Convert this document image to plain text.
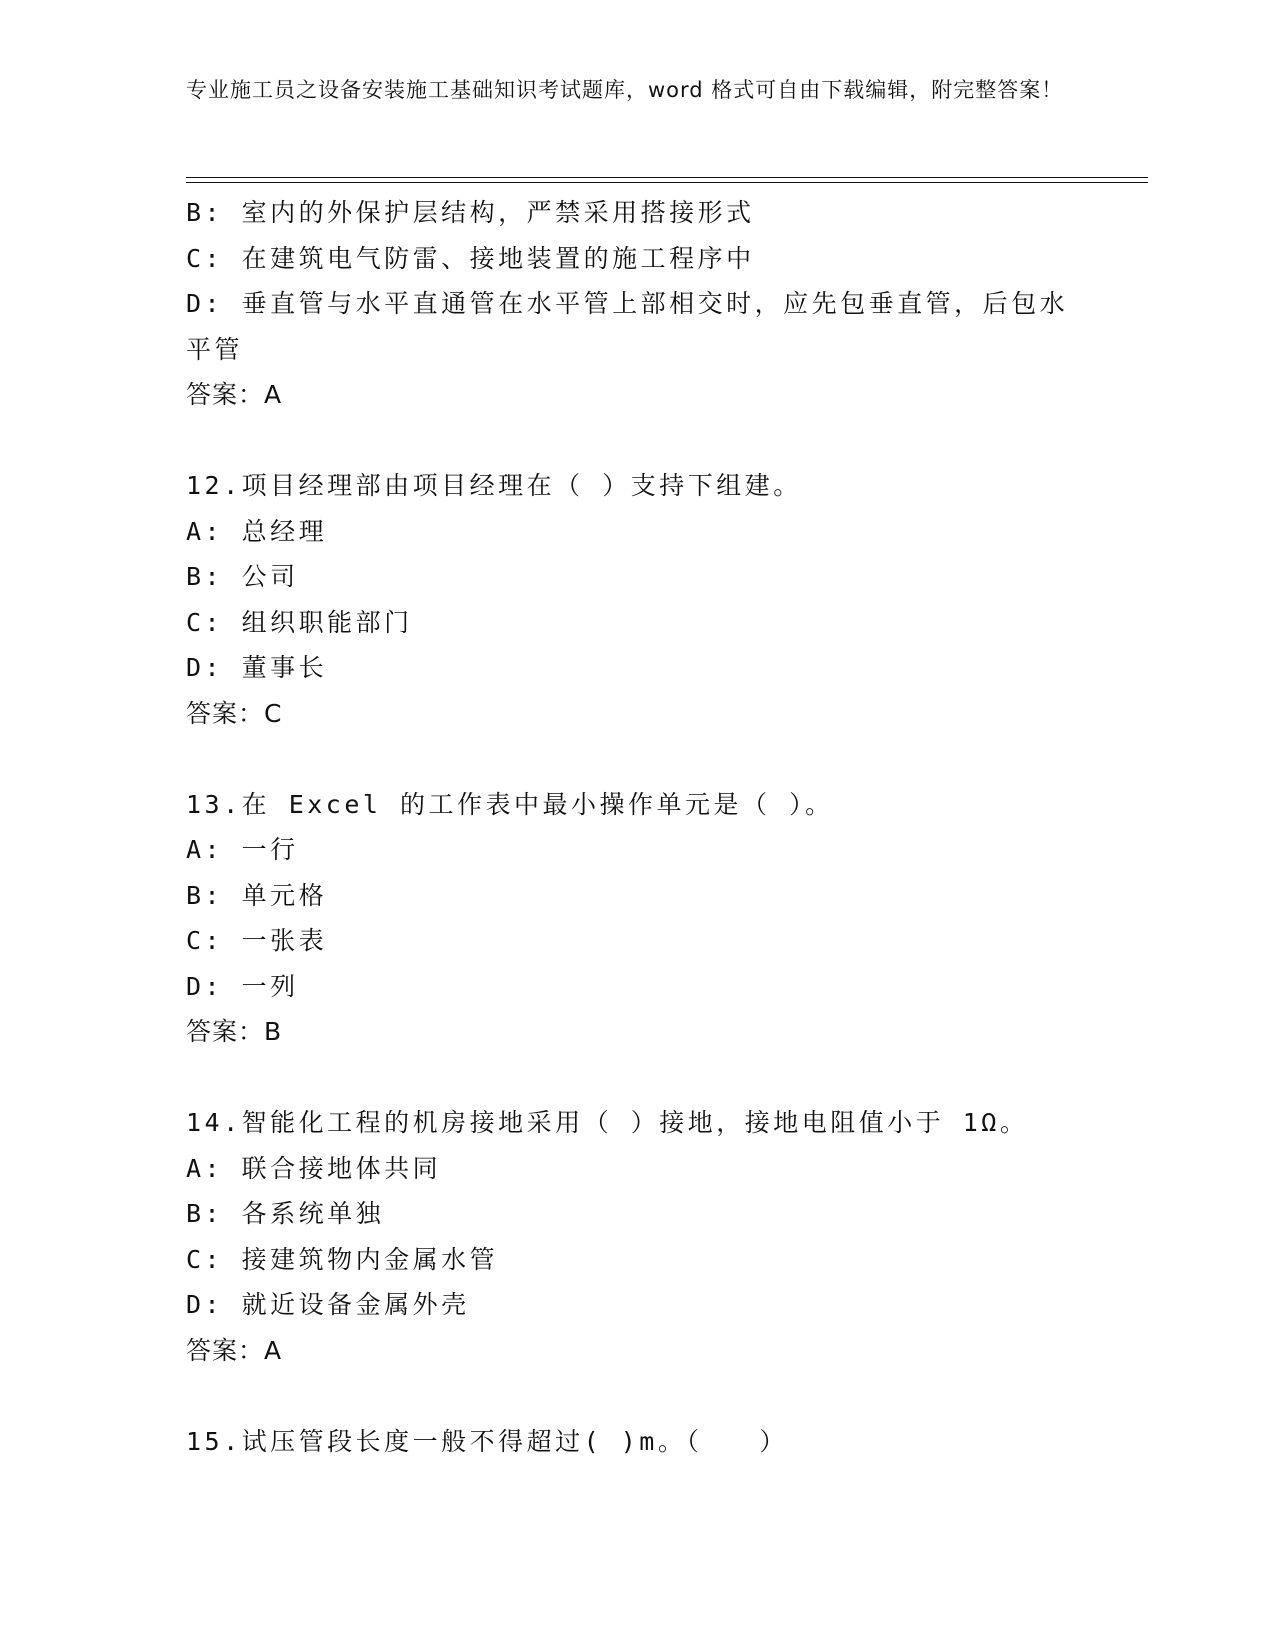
专业施工员之设备安装施工基础知识考试题库，word 格式可自由下载编辑，附完整答案！
B: 室内的外保护层结构，严禁采用搭接形式
C: 在建筑电气防雷、接地装置的施工程序中
D: 垂直管与水平直通管在水平管上部相交时，应先包垂直管，后包水平管
答案：A
12.项目经理部由项目经理在（ ）支持下组建。
A: 总经理
B: 公司
C: 组织职能部门
D: 董事长
答案：C
13.在 Excel 的工作表中最小操作单元是（ ）。
A: 一行
B: 单元格
C: 一张表
D: 一列
答案：B
14.智能化工程的机房接地采用（ ）接地，接地电阻值小于 1Ω。
A: 联合接地体共同
B: 各系统单独
C: 接建筑物内金属水管
D: 就近设备金属外壳
答案：A
15.试压管段长度一般不得超过( )m。（　　）
